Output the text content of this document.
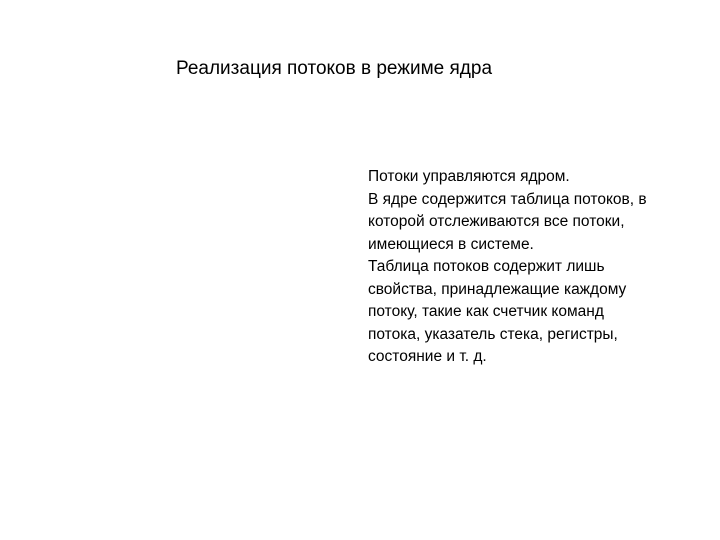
Реализация потоков в режиме ядра
Потоки управляются ядром.
В ядре содержится таблица потоков, в
которой отслеживаются все потоки,
имеющиеся в системе.
Таблица потоков содержит лишь
свойства, принадлежащие каждому
потоку, такие как счетчик команд
потока, указатель стека, регистры,
состояние и т. д.
